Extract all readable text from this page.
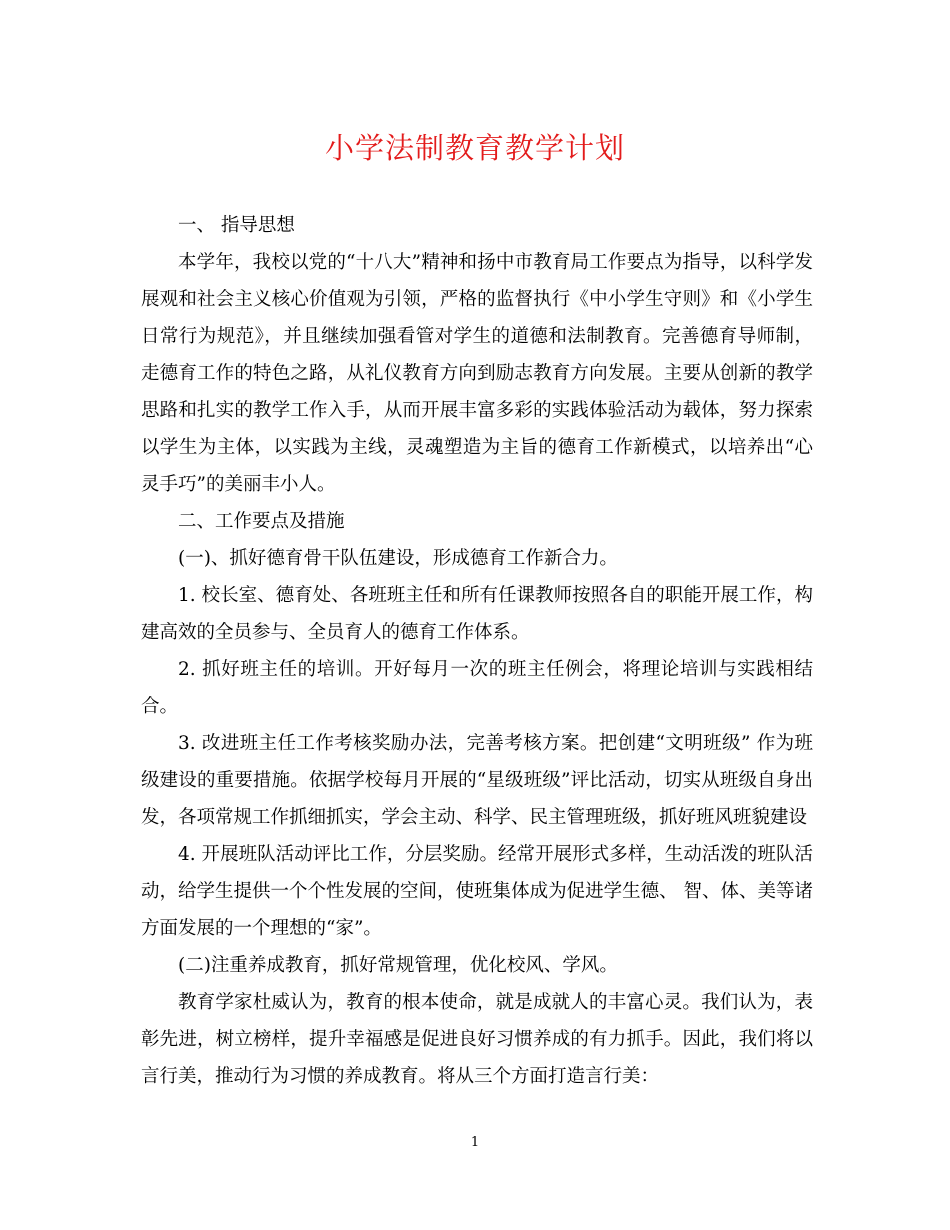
小学法制教育教学计划

一、 指导思想

本学年，我校以党的“十八大”精神和扬中市教育局工作要点为指导，以科学发展观和社会主义核心价值观为引领，严格的监督执行《中小学生守则》和《小学生日常行为规范》，并且继续加强看管对学生的道德和法制教育。完善德育导师制，走德育工作的特色之路，从礼仪教育方向到励志教育方向发展。主要从创新的教学思路和扎实的教学工作入手，从而开展丰富多彩的实践体验活动为载体，努力探索以学生为主体，以实践为主线，灵魂塑造为主旨的德育工作新模式，以培养出“心灵手巧”的美丽丰小人。

二、工作要点及措施

(一)、抓好德育骨干队伍建设，形成德育工作新合力。

1. 校长室、德育处、各班班主任和所有任课教师按照各自的职能开展工作，构建高效的全员参与、全员育人的德育工作体系。

2. 抓好班主任的培训。开好每月一次的班主任例会，将理论培训与实践相结合。

3. 改进班主任工作考核奖励办法，完善考核方案。把创建“文明班级” 作为班级建设的重要措施。依据学校每月开展的“星级班级”评比活动，切实从班级自身出发，各项常规工作抓细抓实，学会主动、科学、民主管理班级，抓好班风班貌建设

4. 开展班队活动评比工作，分层奖励。经常开展形式多样，生动活泼的班队活动，给学生提供一个个性发展的空间，使班集体成为促进学生德、 智、体、美等诸方面发展的一个理想的“家”。

(二)注重养成教育，抓好常规管理，优化校风、学风。

教育学家杜威认为，教育的根本使命，就是成就人的丰富心灵。我们认为，表彰先进，树立榜样，提升幸福感是促进良好习惯养成的有力抓手。因此，我们将以言行美，推动行为习惯的养成教育。将从三个方面打造言行美：

1
